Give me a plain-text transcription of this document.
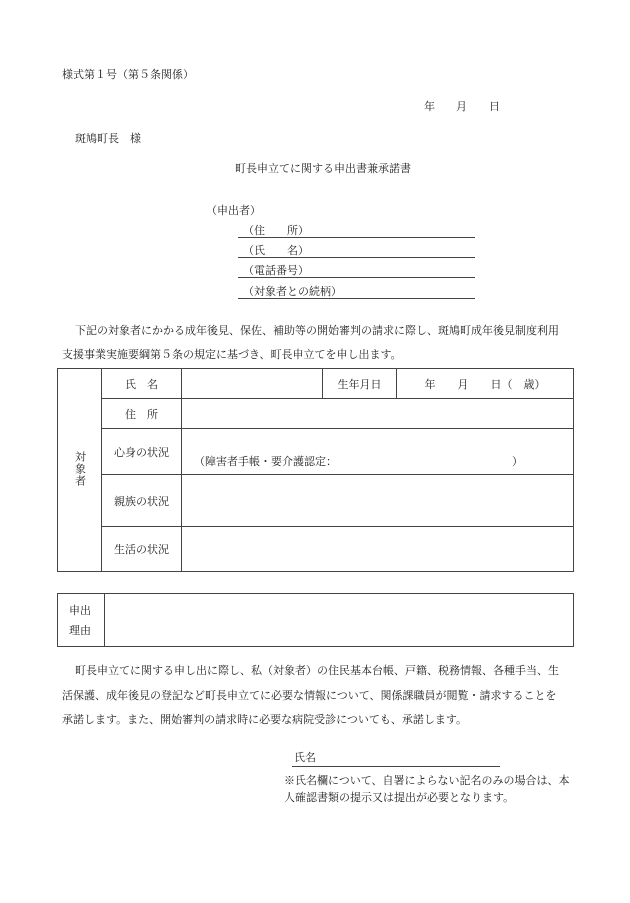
様式第１号（第５条関係）
年 月 日
斑鳩町長　様
町長申立てに関する申出書兼承諾書
（申出者）
（住　　所）
（氏　　名）
（電話番号）
（対象者との続柄）
下記の対象者にかかる成年後見、保佐、補助等の開始審判の請求に際し、斑鳩町成年後見制度利用
支援事業実施要綱第５条の規定に基づき、町長申立てを申し出ます。
対象者	氏　名		生年月日	年　　月　　日（　歳）
	住　所			
	心身の状況	（障害者手帳・要介護認定： ）		

	親族の状況			
	生活の状況			
申出
理由
町長申立てに関する申し出に際し、私（対象者）の住民基本台帳、戸籍、税務情報、各種手当、生
活保護、成年後見の登記など町長申立てに必要な情報について、関係課職員が閲覧・請求することを
承諾します。また、開始審判の請求時に必要な病院受診についても、承諾します。
氏名
※氏名欄について、自署によらない記名のみの場合は、本
人確認書類の提示又は提出が必要となります。
